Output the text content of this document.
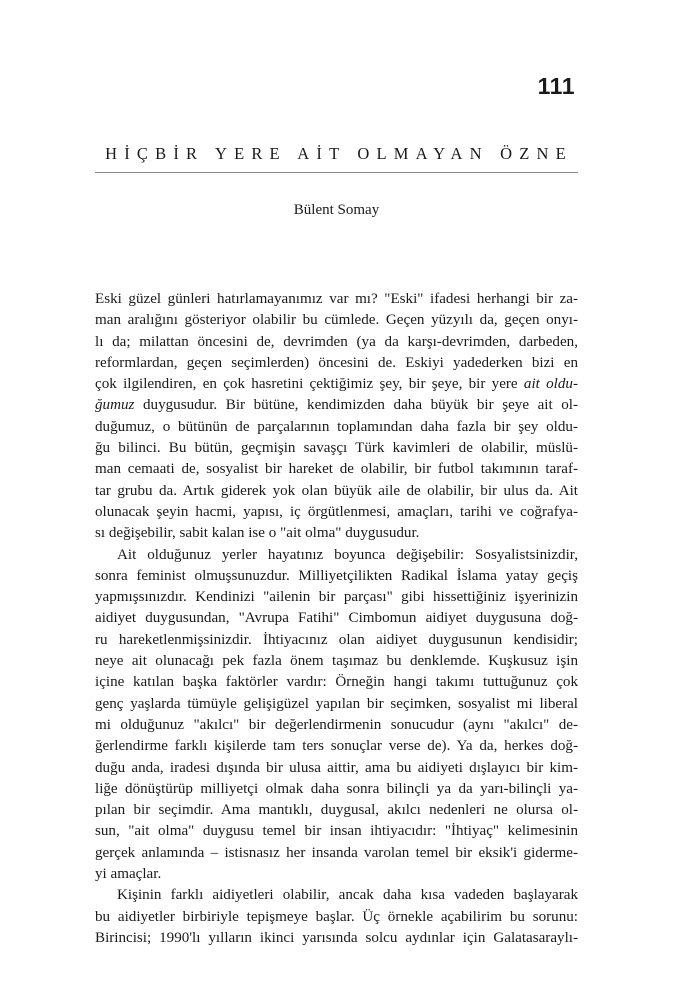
111
HİÇBİR YERE AİT OLMAYAN ÖZNE
Bülent Somay
Eski güzel günleri hatırlamayanımız var mı? "Eski" ifadesi herhangi bir za-
man aralığını gösteriyor olabilir bu cümlede. Geçen yüzyılı da, geçen onyı-
lı da; milattan öncesini de, devrimden (ya da karşı-devrimden, darbeden,
reformlardan, geçen seçimlerden) öncesini de. Eskiyi yadederken bizi en
çok ilgilendiren, en çok hasretini çektiğimiz şey, bir şeye, bir yere ait oldu-
ğumuz duygusudur. Bir bütüne, kendimizden daha büyük bir şeye ait ol-
duğumuz, o bütünün de parçalarının toplamından daha fazla bir şey oldu-
ğu bilinci. Bu bütün, geçmişin savaşçı Türk kavimleri de olabilir, müslü-
man cemaati de, sosyalist bir hareket de olabilir, bir futbol takımının taraf-
tar grubu da. Artık giderek yok olan büyük aile de olabilir, bir ulus da. Ait
olunacak şeyin hacmi, yapısı, iç örgütlenmesi, amaçları, tarihi ve coğrafya-
sı değişebilir, sabit kalan ise o "ait olma" duygusudur.
Ait olduğunuz yerler hayatınız boyunca değişebilir: Sosyalistsinizdir,
sonra feminist olmuşsunuzdur. Milliyetçilikten Radikal İslama yatay geçiş
yapmışsınızdır. Kendinizi "ailenin bir parçası" gibi hissettiğiniz işyerinizin
aidiyet duygusundan, "Avrupa Fatihi" Cimbomun aidiyet duygusuna doğ-
ru hareketlenmişsinizdir. İhtiyacınız olan aidiyet duygusunun kendisidir;
neye ait olunacağı pek fazla önem taşımaz bu denklemde. Kuşkusuz işin
içine katılan başka faktörler vardır: Örneğin hangi takımı tuttuğunuz çok
genç yaşlarda tümüyle gelişigüzel yapılan bir seçimken, sosyalist mi liberal
mi olduğunuz "akılcı" bir değerlendirmenin sonucudur (aynı "akılcı" de-
ğerlendirme farklı kişilerde tam ters sonuçlar verse de). Ya da, herkes doğ-
duğu anda, iradesi dışında bir ulusa aittir, ama bu aidiyeti dışlayıcı bir kim-
liğe dönüştürüp milliyetçi olmak daha sonra bilinçli ya da yarı-bilinçli ya-
pılan bir seçimdir. Ama mantıklı, duygusal, akılcı nedenleri ne olursa ol-
sun, "ait olma" duygusu temel bir insan ihtiyacıdır: "İhtiyaç" kelimesinin
gerçek anlamında – istisnasız her insanda varolan temel bir eksik'i giderme-
yi amaçlar.
Kişinin farklı aidiyetleri olabilir, ancak daha kısa vadeden başlayarak
bu aidiyetler birbiriyle tepişmeye başlar. Üç örnekle açabilirim bu sorunu:
Birincisi; 1990'lı yılların ikinci yarısında solcu aydınlar için Galatasaraylı-
